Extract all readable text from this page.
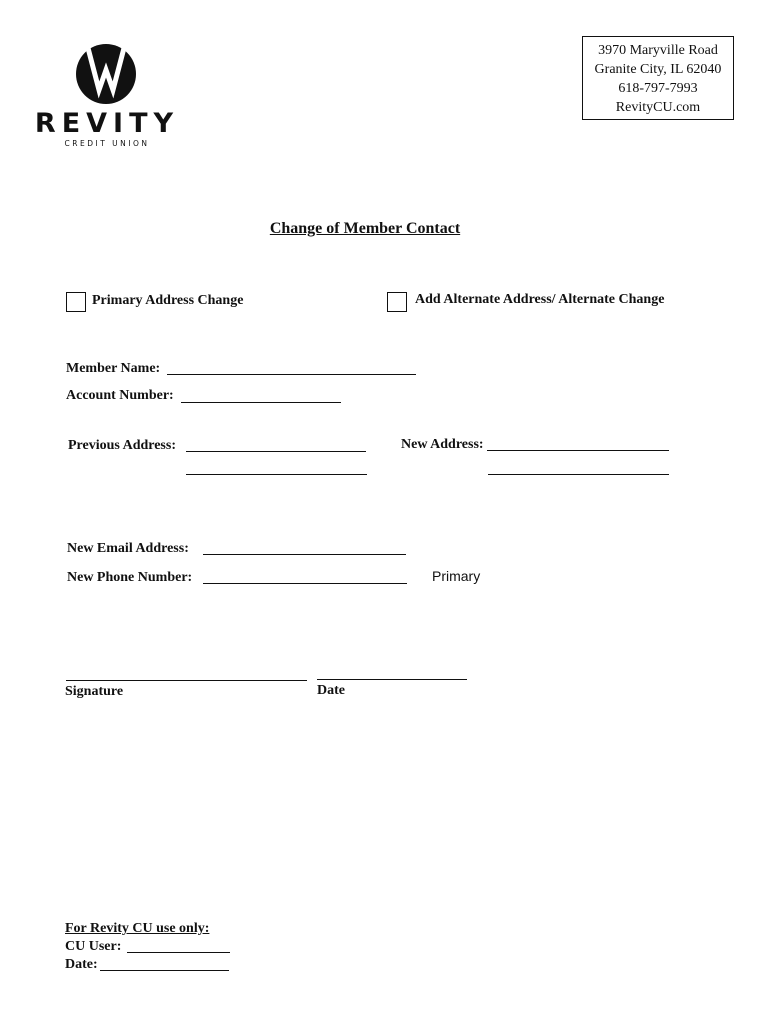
REVITY
CREDIT UNION
3970 Maryville Road
Granite City, IL 62040
618-797-7993
RevityCU.com
Change of Member Contact
Primary Address Change	Add Alternate Address/ Alternate Change
Member Name:
Account Number:
Previous Address:	New Address:
New Email Address:
New Phone Number:	Primary
Signature	Date
For Revity CU use only:
CU User:
Date:
